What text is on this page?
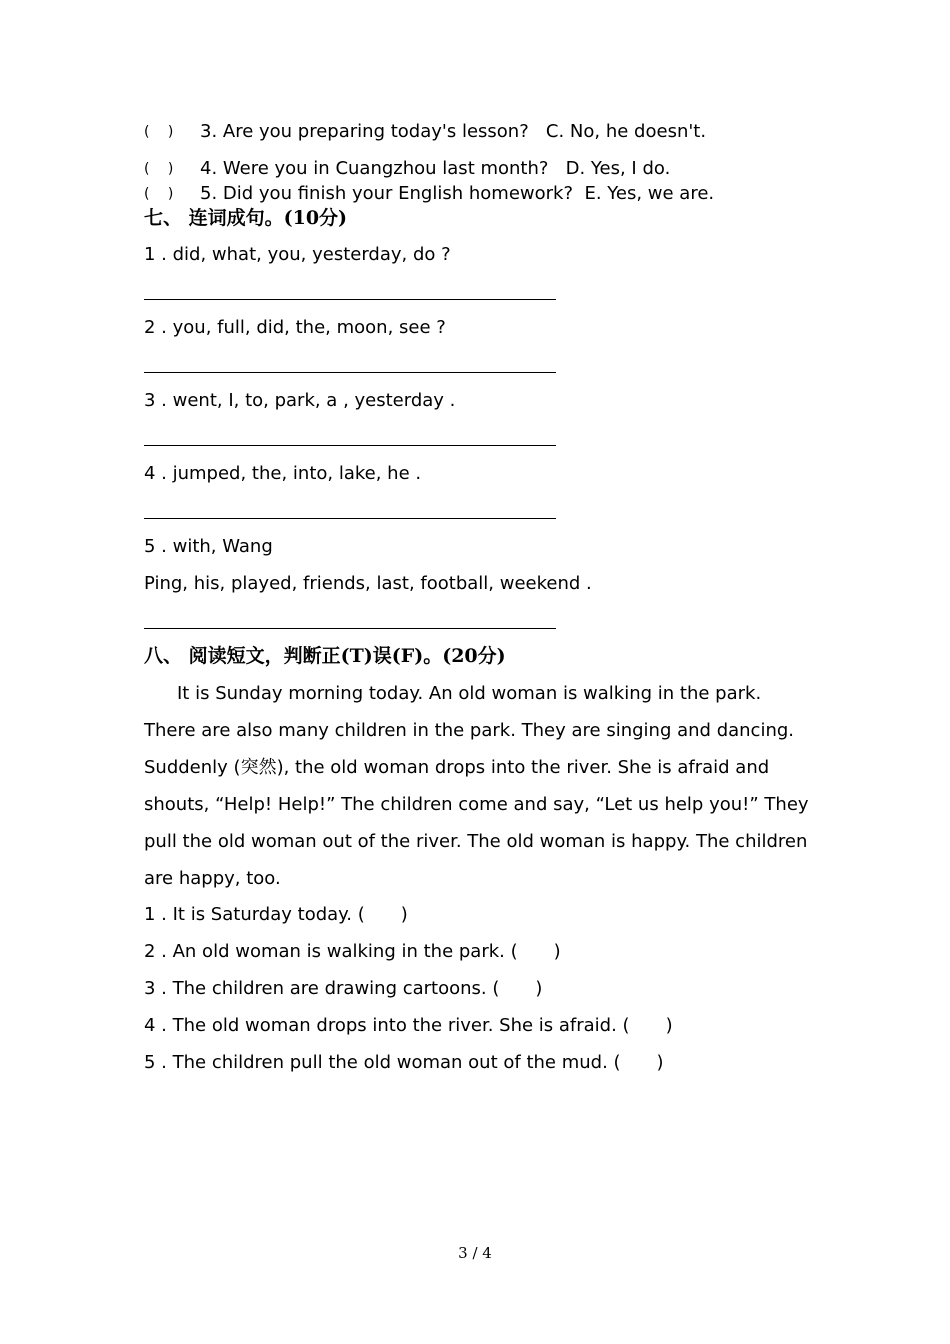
(　 ) 3. Are you preparing today's lesson?   C. No, he doesn't.
(　 ) 4. Were you in Cuangzhou last month?   D. Yes, I do.
(　 ) 5. Did you finish your English homework?  E. Yes, we are.
七、 连词成句。(10分)
1 . did, what, you, yesterday, do ?
2 . you, full, did, the, moon, see ?
3 . went, I, to, park, a , yesterday .
4 . jumped, the, into, lake, he .
5 . with, Wang
Ping, his, played, friends, last, football, weekend .
八、 阅读短文，判断正(T)误(F)。(20分)
It is Sunday morning today. An old woman is walking in the park. There are also many children in the park. They are singing and dancing. Suddenly (突然), the old woman drops into the river. She is afraid and shouts, “Help! Help!” The children come and say, “Let us help you!” They pull the old woman out of the river. The old woman is happy. The children are happy, too.
1 . It is Saturday today. (　　)
2 . An old woman is walking in the park. (　　)
3 . The children are drawing cartoons. (　　)
4 . The old woman drops into the river. She is afraid. (　　)
5 . The children pull the old woman out of the mud. (　　)
3 / 4
